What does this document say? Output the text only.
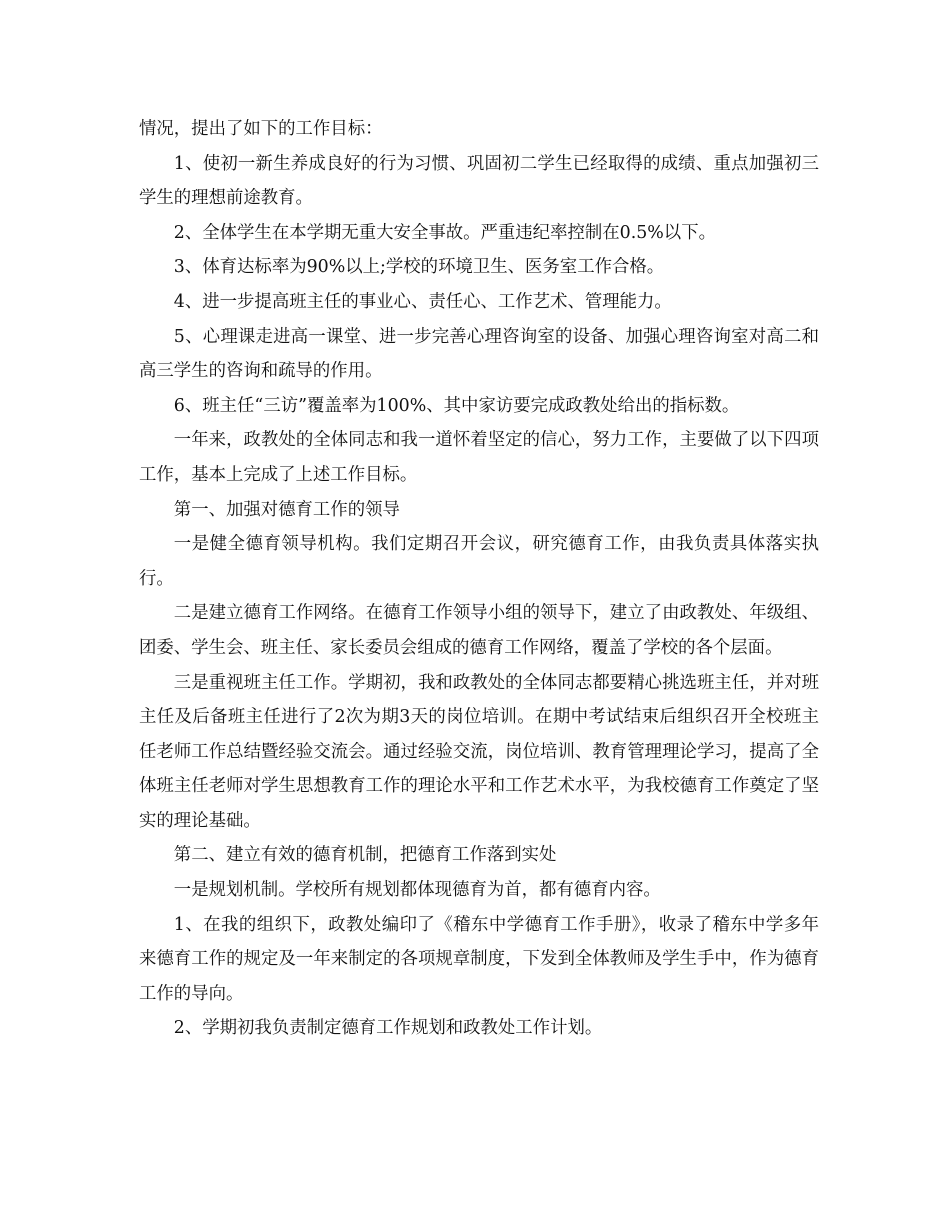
情况，提出了如下的工作目标：

1、使初一新生养成良好的行为习惯、巩固初二学生已经取得的成绩、重点加强初三学生的理想前途教育。

2、全体学生在本学期无重大安全事故。严重违纪率控制在0.5%以下。

3、体育达标率为90%以上;学校的环境卫生、医务室工作合格。

4、进一步提高班主任的事业心、责任心、工作艺术、管理能力。

5、心理课走进高一课堂、进一步完善心理咨询室的设备、加强心理咨询室对高二和高三学生的咨询和疏导的作用。

6、班主任“三访”覆盖率为100%、其中家访要完成政教处给出的指标数。

一年来，政教处的全体同志和我一道怀着坚定的信心，努力工作，主要做了以下四项工作，基本上完成了上述工作目标。

第一、加强对德育工作的领导

一是健全德育领导机构。我们定期召开会议，研究德育工作，由我负责具体落实执行。

二是建立德育工作网络。在德育工作领导小组的领导下，建立了由政教处、年级组、团委、学生会、班主任、家长委员会组成的德育工作网络，覆盖了学校的各个层面。

三是重视班主任工作。学期初，我和政教处的全体同志都要精心挑选班主任，并对班主任及后备班主任进行了2次为期3天的岗位培训。在期中考试结束后组织召开全校班主任老师工作总结暨经验交流会。通过经验交流，岗位培训、教育管理理论学习，提高了全体班主任老师对学生思想教育工作的理论水平和工作艺术水平，为我校德育工作奠定了坚实的理论基础。

第二、建立有效的德育机制，把德育工作落到实处

一是规划机制。学校所有规划都体现德育为首，都有德育内容。

1、在我的组织下，政教处编印了《稽东中学德育工作手册》，收录了稽东中学多年来德育工作的规定及一年来制定的各项规章制度，下发到全体教师及学生手中，作为德育工作的导向。

2、学期初我负责制定德育工作规划和政教处工作计划。
